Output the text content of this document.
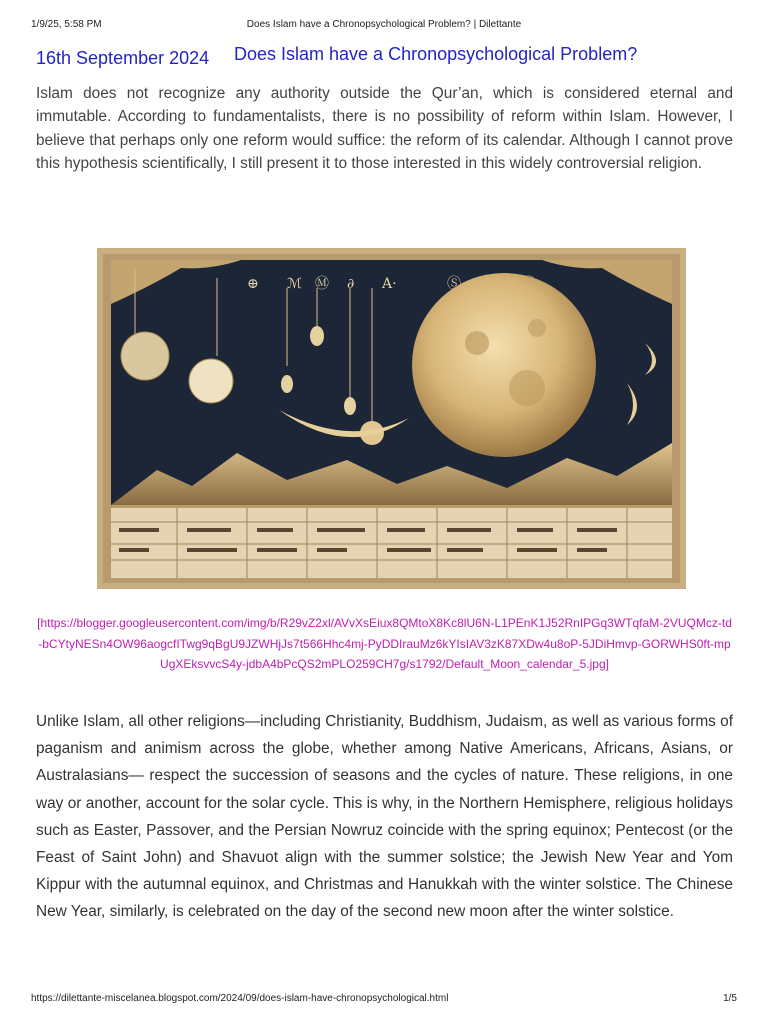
1/9/25, 5:58 PM	Does Islam have a Chronopsychological Problem? | Dilettante
16th September 2024 Does Islam have a Chronopsychological Problem?

Islam does not recognize any authority outside the Qur’an, which is considered eternal and immutable. According to fundamentalists, there is no possibility of reform within Islam. However, I believe that perhaps only one reform would suffice: the reform of its calendar. Although I cannot prove this hypothesis scientifically, I still present it to those interested in this widely controversial religion.

⊕ ℳ Ⓜ ∂ A·	Ⓢ
[https://blogger.googleusercontent.com/img/b/R29vZ2xl/AVvXsEiux8QMtoX8Kc8lU6N-L1PEnK1J52RnIPGq3WTqfaM-2VUQMcz-td-bCYtyNESn4OW96aogcfITwg9qBgU9JZWHjJs7t566Hhc4mj-PyDDIrauMz6kYIsIAV3zK87XDw4u8oP-5JDiHmvp-GORWHS0ft-mpUgXEksvvcS4y-jdbA4bPcQS2mPLO259CH7g/s1792/Default_Moon_calendar_5.jpg]

Unlike Islam, all other religions—including Christianity, Buddhism, Judaism, as well as various forms of paganism and animism across the globe, whether among Native Americans, Africans, Asians, or Australasians— respect the succession of seasons and the cycles of nature. These religions, in one way or another, account for the solar cycle. This is why, in the Northern Hemisphere, religious holidays such as Easter, Passover, and the Persian Nowruz coincide with the spring equinox; Pentecost (or the Feast of Saint John) and Shavuot align with the summer solstice; the Jewish New Year and Yom Kippur with the autumnal equinox, and Christmas and Hanukkah with the winter solstice. The Chinese New Year, similarly, is celebrated on the day of the second new moon after the winter solstice.

https://dilettante-miscelanea.blogspot.com/2024/09/does-islam-have-chronopsychological.html	1/5
